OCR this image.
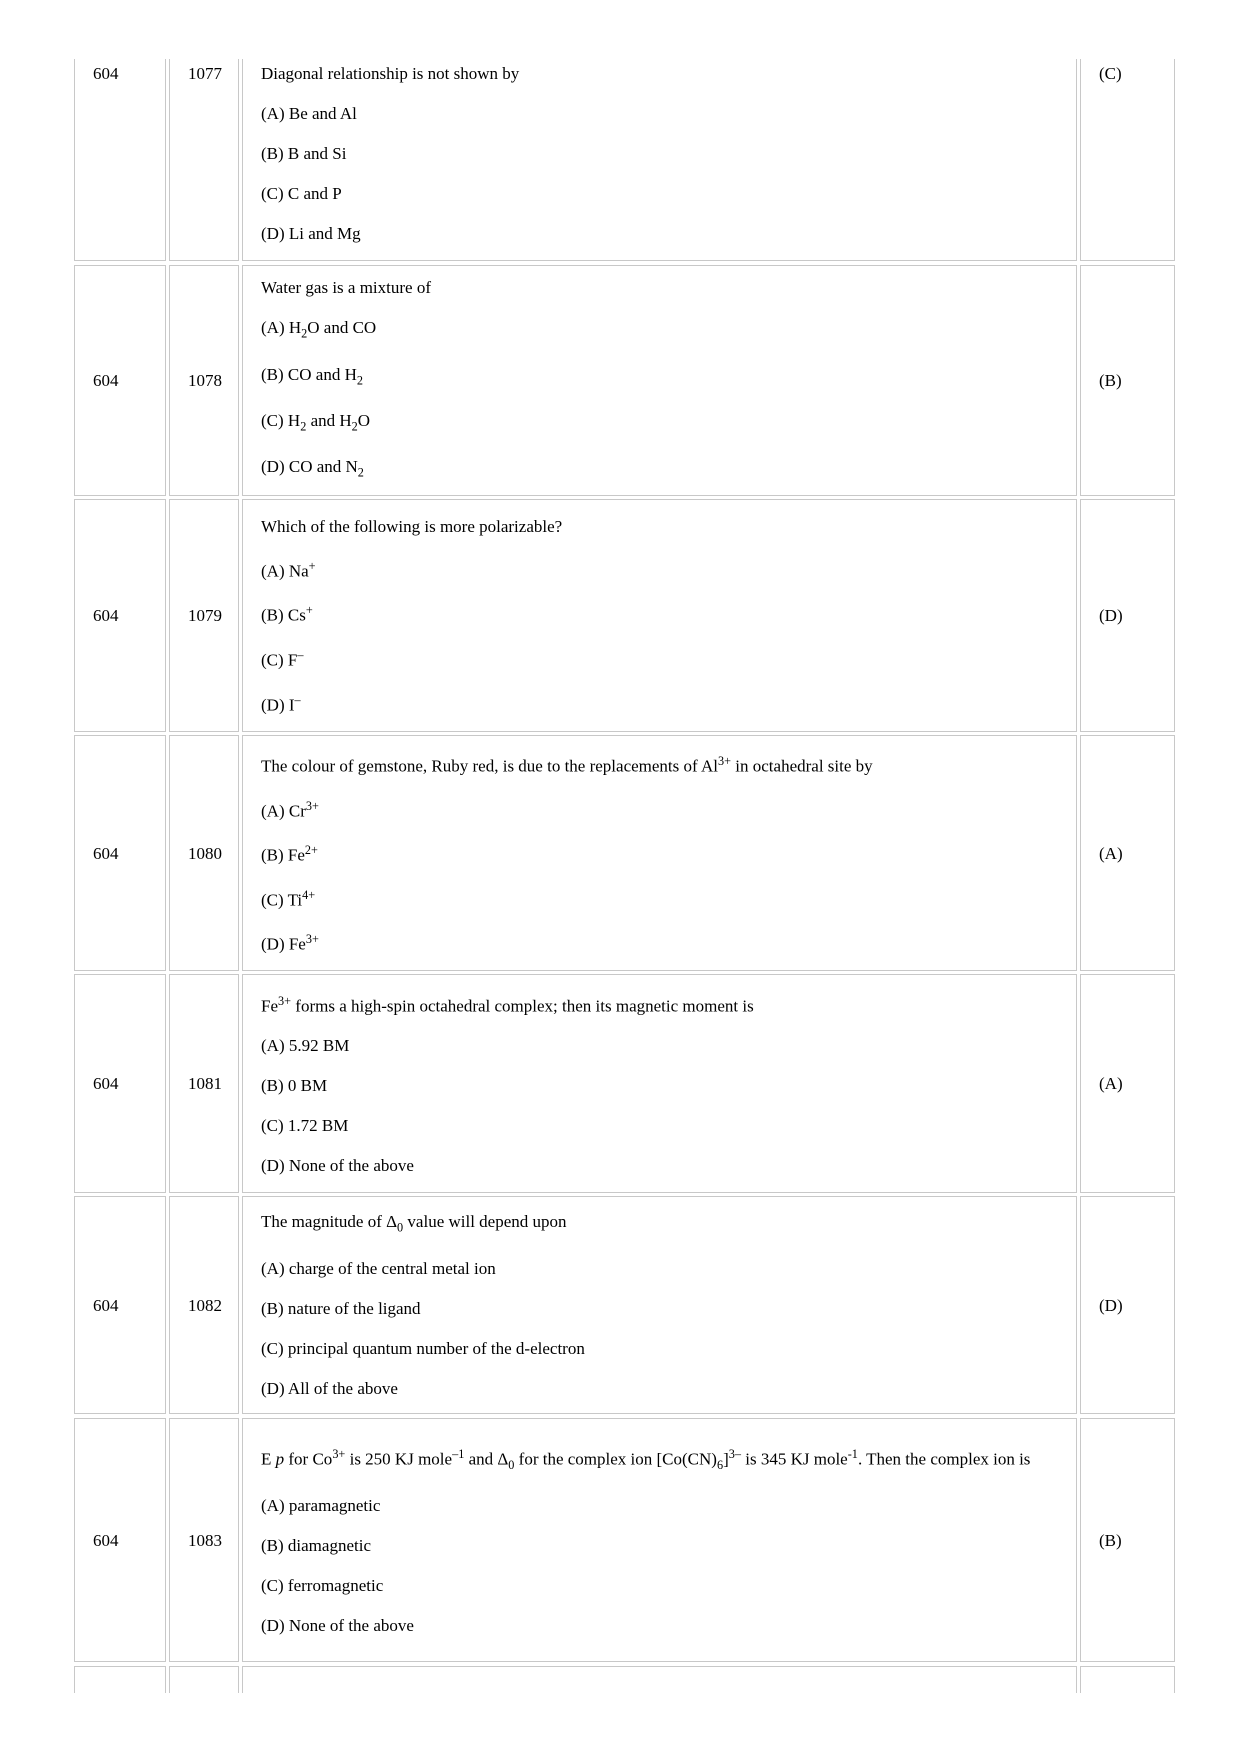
604	1077 Diagonal relationship is not shown by

(A) Be and Al

(B) B and Si

(C) C and P

(D) Li and Mg

(C)
604	1078

Water gas is a mixture of

(A) $H_2O$ and CO

(B) CO and $H_2$

(C) $H_2$ and $H_2O$

(D) CO and $N_2$

(B)
604	1079

Which of the following is more polarizable?

(A) Na+

(B) Cs+

(C) F–

(D) I–

(D)
604	1080

The colour of gemstone, Ruby red, is due to the replacements of $Al^{3+}$ in octahedral site by

(A) $Cr^{3+}$

(B) $Fe^{2+}$

(C) $Ti^{4+}$

(D) $Fe^{3+}$

(A)
604	1081

$Fe^{3+}$ forms a high-spin octahedral complex; then its magnetic moment is

(A) 5.92 BM

(B) 0 BM

(C) 1.72 BM

(D) None of the above

(A)
604	1082

The magnitude of $\Delta_0$ value will depend upon

(A) charge of the central metal ion

(B) nature of the ligand

(C) principal quantum number of the d-electron

(D) All of the above

(D)
604	1083

E p for $Co^{3+}$ is 250 KJ mole$^{-1}$ and $\Delta_0$ for the complex ion $[Co(CN)_6]^{3-}$ is 345 KJ mole$^{-1}$. Then the complex ion is

(A) paramagnetic

(B) diamagnetic

(C) ferromagnetic

(D) None of the above

(B)
